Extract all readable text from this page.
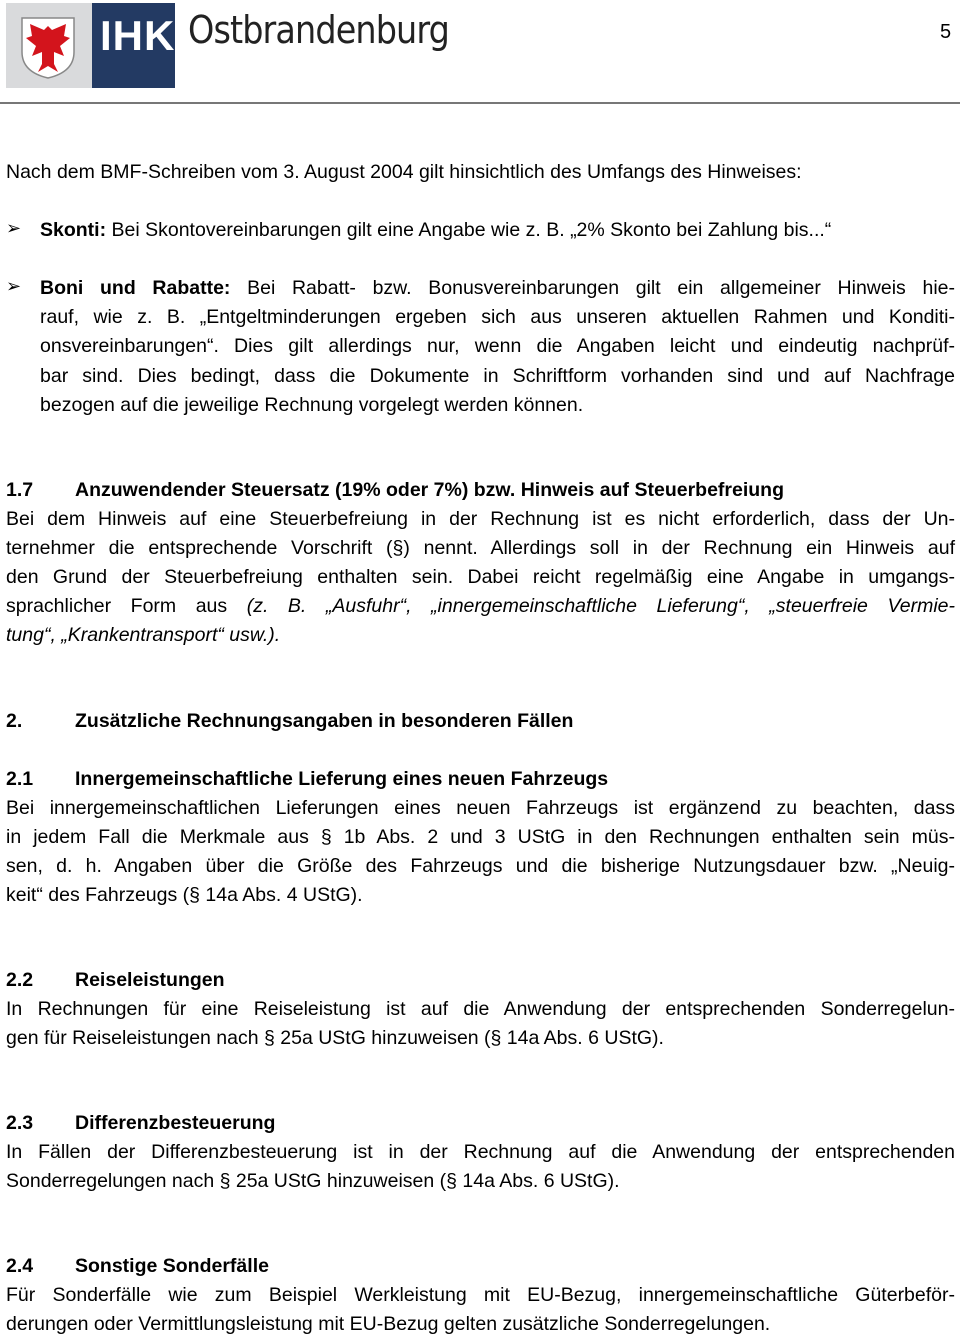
IHK Ostbrandenburg	5
1.7 Anzuwendender Steuersatz (19% oder 7%) bzw. Hinweis auf Steuerbefreiung
2.	Zusätzliche Rechnungsangaben in besonderen Fällen
2.1 Innergemeinschaftliche Lieferung eines neuen Fahrzeugs
2.2 Reiseleistungen
2.3 Differenzbesteuerung
2.4 Sonstige Sonderfälle
Nach dem BMF-Schreiben vom 3. August 2004 gilt hinsichtlich des Umfangs des Hinweises:
➢ Skonti: Bei Skontovereinbarungen gilt eine Angabe wie z. B. „2% Skonto bei Zahlung bis...“
➢ Boni und Rabatte: Bei Rabatt- bzw. Bonusvereinbarungen gilt ein allgemeiner Hinweis hie-
rauf, wie z. B. „Entgeltminderungen ergeben sich aus unseren aktuellen Rahmen und Konditi-
onsvereinbarungen“. Dies gilt allerdings nur, wenn die Angaben leicht und eindeutig nachprüf-
bar sind. Dies bedingt, dass die Dokumente in Schriftform vorhanden sind und auf Nachfrage
bezogen auf die jeweilige Rechnung vorgelegt werden können.
Bei dem Hinweis auf eine Steuerbefreiung in der Rechnung ist es nicht erforderlich, dass der Un-
ternehmer die entsprechende Vorschrift (§) nennt. Allerdings soll in der Rechnung ein Hinweis auf
den Grund der Steuerbefreiung enthalten sein. Dabei reicht regelmäßig eine Angabe in umgangs-
sprachlicher Form aus (z. B. „Ausfuhr“, „innergemeinschaftliche Lieferung“, „steuerfreie Vermie-
tung“, „Krankentransport“ usw.).
Bei innergemeinschaftlichen Lieferungen eines neuen Fahrzeugs ist ergänzend zu beachten, dass
in jedem Fall die Merkmale aus § 1b Abs. 2 und 3 UStG in den Rechnungen enthalten sein müs-
sen, d. h. Angaben über die Größe des Fahrzeugs und die bisherige Nutzungsdauer bzw. „Neuig-
keit“ des Fahrzeugs (§ 14a Abs. 4 UStG).
In Rechnungen für eine Reiseleistung ist auf die Anwendung der entsprechenden Sonderregelun-
gen für Reiseleistungen nach § 25a UStG hinzuweisen (§ 14a Abs. 6 UStG).
In Fällen der Differenzbesteuerung ist in der Rechnung auf die Anwendung der entsprechenden
Sonderregelungen nach § 25a UStG hinzuweisen (§ 14a Abs. 6 UStG).
Für Sonderfälle wie zum Beispiel Werkleistung mit EU-Bezug, innergemeinschaftliche Güterbeför-
derungen oder Vermittlungsleistung mit EU-Bezug gelten zusätzliche Sonderregelungen.
